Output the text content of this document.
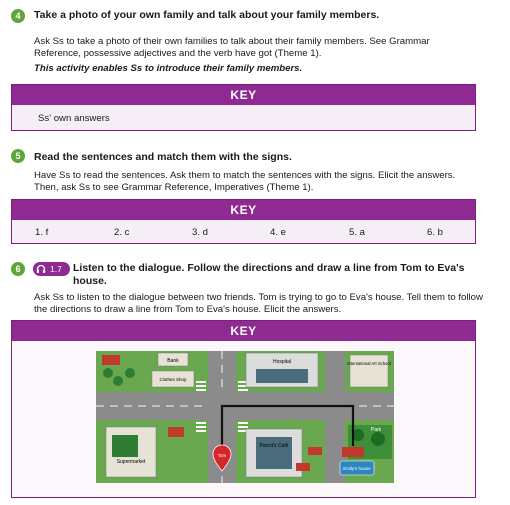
4	Take a photo of your own family and talk about your family members.
Ask Ss to take a photo of their own families to talk about their family members. See Grammar Reference, possessive adjectives and the verb have got (Theme 1).
This activity enables Ss to introduce their family members.
KEY
Ss' own answers
5	Read the sentences and match them with the signs.
Have Ss to read the sentences. Ask them to match the sentences with the signs. Elicit the answers. Then, ask Ss to see Grammar Reference, Imperatives (Theme 1).
KEY
1. f	2. c	3. d	4. e	5. a	6. b
6	1.7 Listen to the dialogue. Follow the directions and draw a line from Tom to Eva's house.
Ask Ss to listen to the dialogue between two friends. Tom is trying to go to Eva's house. Tell them to follow the directions to draw a line from Tom to Eva's house. Elicit the answers.
KEY
Bank
Clothes Shop
Hospital	International Art School
Supermarket
Parrot's Café
Park
Tom
Emily's house
